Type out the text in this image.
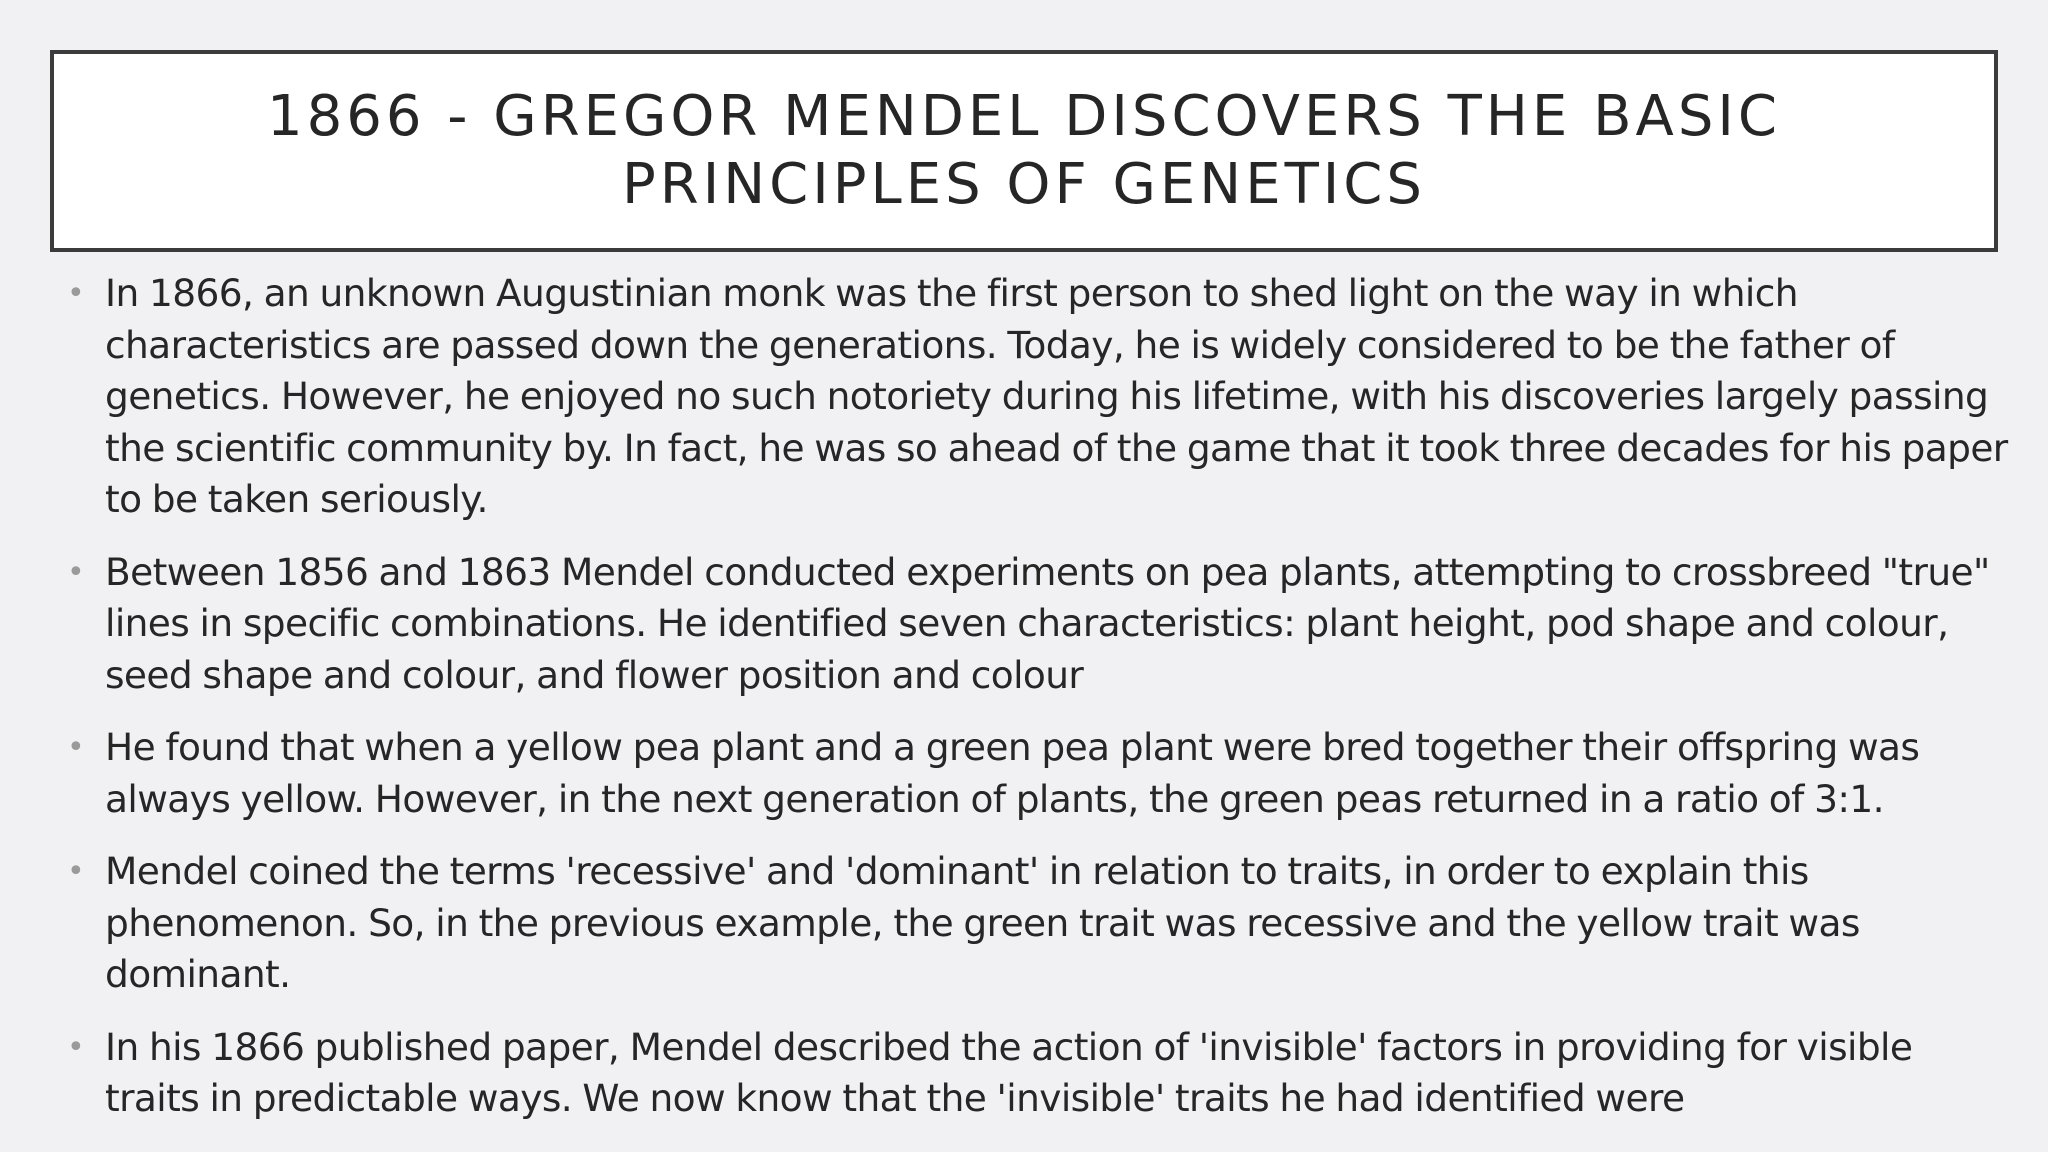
1866 - GREGOR MENDEL DISCOVERS THE BASIC PRINCIPLES OF GENETICS
• In 1866, an unknown Augustinian monk was the first person to shed light on the way in which characteristics are passed down the generations. Today, he is widely considered to be the father of genetics. However, he enjoyed no such notoriety during his lifetime, with his discoveries largely passing the scientific community by. In fact, he was so ahead of the game that it took three decades for his paper to be taken seriously.
• Between 1856 and 1863 Mendel conducted experiments on pea plants, attempting to crossbreed "true" lines in specific combinations. He identified seven characteristics: plant height, pod shape and colour, seed shape and colour, and flower position and colour
• He found that when a yellow pea plant and a green pea plant were bred together their offspring was always yellow. However, in the next generation of plants, the green peas returned in a ratio of 3:1.
• Mendel coined the terms 'recessive' and 'dominant' in relation to traits, in order to explain this phenomenon. So, in the previous example, the green trait was recessive and the yellow trait was dominant.
• In his 1866 published paper, Mendel described the action of 'invisible' factors in providing for visible traits in predictable ways. We now know that the 'invisible' traits he had identified were
